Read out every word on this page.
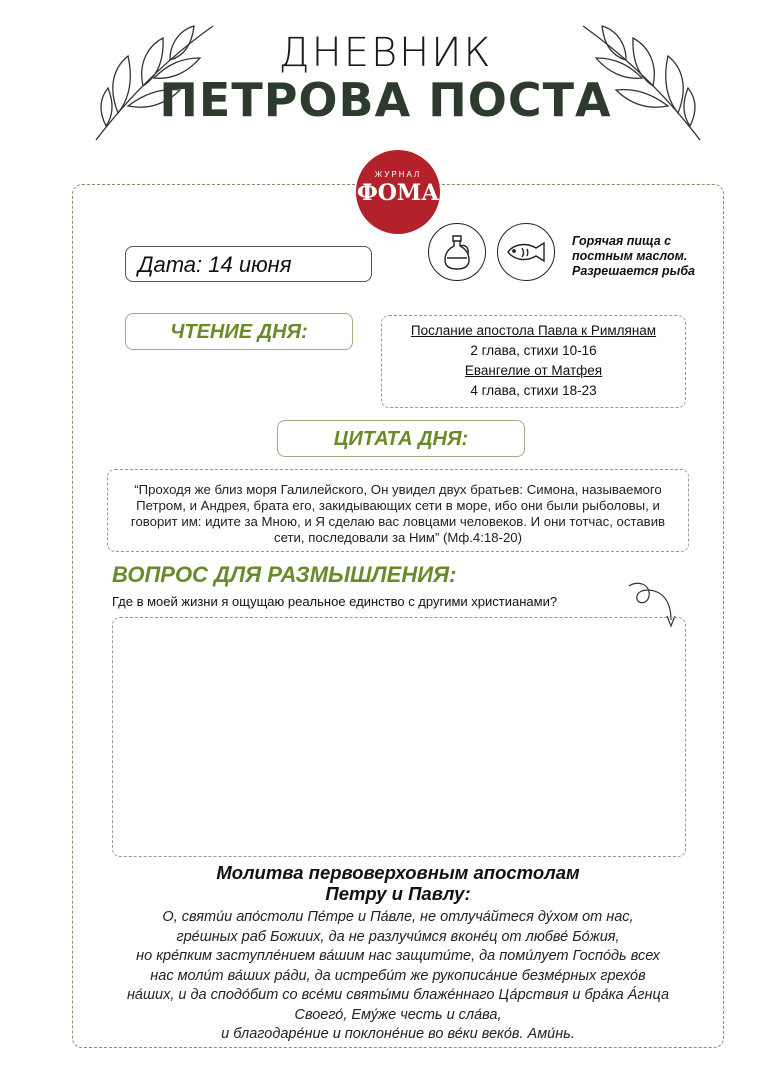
ДНЕВНИК
ПЕТРОВА ПОСТА
ЖУРНАЛ
ФОМА
Дата: 14 июня
Горячая пища с постным маслом. Разрешается рыба
ЧТЕНИЕ ДНЯ:	Послание апостола Павла к Римлянам
2 глава, стихи 10-16
Евангелие от Матфея
4 глава, стихи 18-23
ЦИТАТА ДНЯ:
“Проходя же близ моря Галилейского, Он увидел двух братьев: Симона, называемого Петром, и Андрея, брата его, закидывающих сети в море, ибо они были рыболовы, и говорит им: идите за Мною, и Я сделаю вас ловцами человеков. И они тотчас, оставив сети, последовали за Ним” (Мф.4:18-20)
ВОПРОС ДЛЯ РАЗМЫШЛЕНИЯ:
Где в моей жизни я ощущаю реальное единство с другими христианами?
Молитва первоверховным апостолам
Петру и Павлу:
О, святи́и апо́столи Пе́тре и Па́вле, не отлуча́йтеся ду́хом от нас,
гре́шных раб Божиих, да не разлучи́мся вконе́ц от любве́ Бо́жия,
но кре́пким заступле́нием ва́шим нас защити́те, да поми́лует Госпо́дь всех
нас моли́т ва́ших ра́ди, да истреби́т же рукописа́ние безме́рных грехо́в
на́ших, и да сподо́бит со все́ми святы́ми блаже́ннаго Ца́рствия и бра́ка А́гнца
Своего́, Ему́же честь и сла́ва,
и благодаре́ние и поклоне́ние во ве́ки веко́в. Ами́нь.
